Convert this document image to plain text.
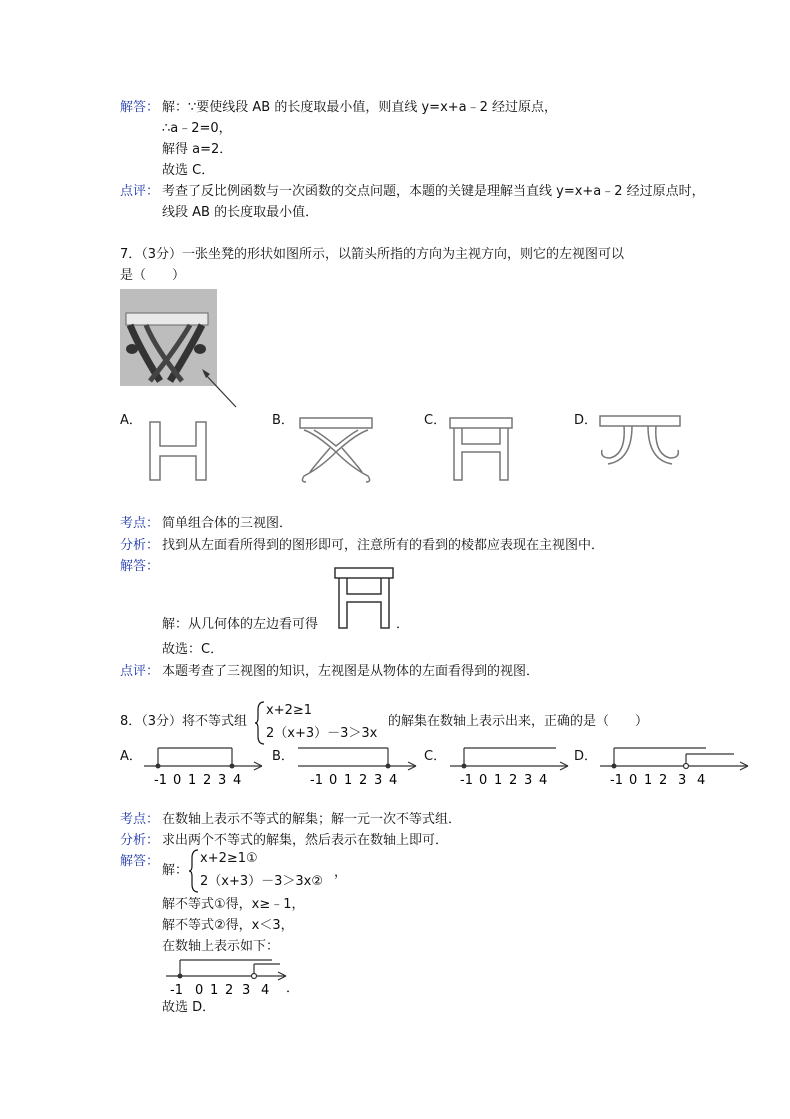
解答： 解：∵要使线段 AB 的长度取最小值，则直线 y=x+a﹣2 经过原点，
∴a﹣2=0，
解得 a=2．
故选 C．
点评： 考查了反比例函数与一次函数的交点问题，本题的关键是理解当直线 y=x+a﹣2 经过原点时，
线段 AB 的长度取最小值．
7．（3分）一张坐凳的形状如图所示，以箭头所指的方向为主视方向，则它的左视图可以
是（　　）
A．	B．	C．	D．
考点： 简单组合体的三视图．
分析： 找到从左面看所得到的图形即可，注意所有的看到的棱都应表现在主视图中．
解答：
解：从几何体的左边看可得	．
故选：C．
点评： 本题考查了三视图的知识，左视图是从物体的左面看得到的视图．
8．（3分）将不等式组
x+2≥1
2（x+3）－3＞3x
的解集在数轴上表示出来，正确的是（　　）
A．
-1 0 1 2 3 4
B．
-1 0 1 2 3 4
C．
-1 0 1 2 3 4
D．
-1 0 1 2 3 4
考点： 在数轴上表示不等式的解集；解一元一次不等式组．
分析： 求出两个不等式的解集，然后表示在数轴上即可．
解答：
解：
x+2≥1①
2（x+3）－3＞3x②
，
解不等式①得，x≥﹣1，
解不等式②得，x＜3，
在数轴上表示如下：
-1 0 1 2 3 4 ．
故选 D．
